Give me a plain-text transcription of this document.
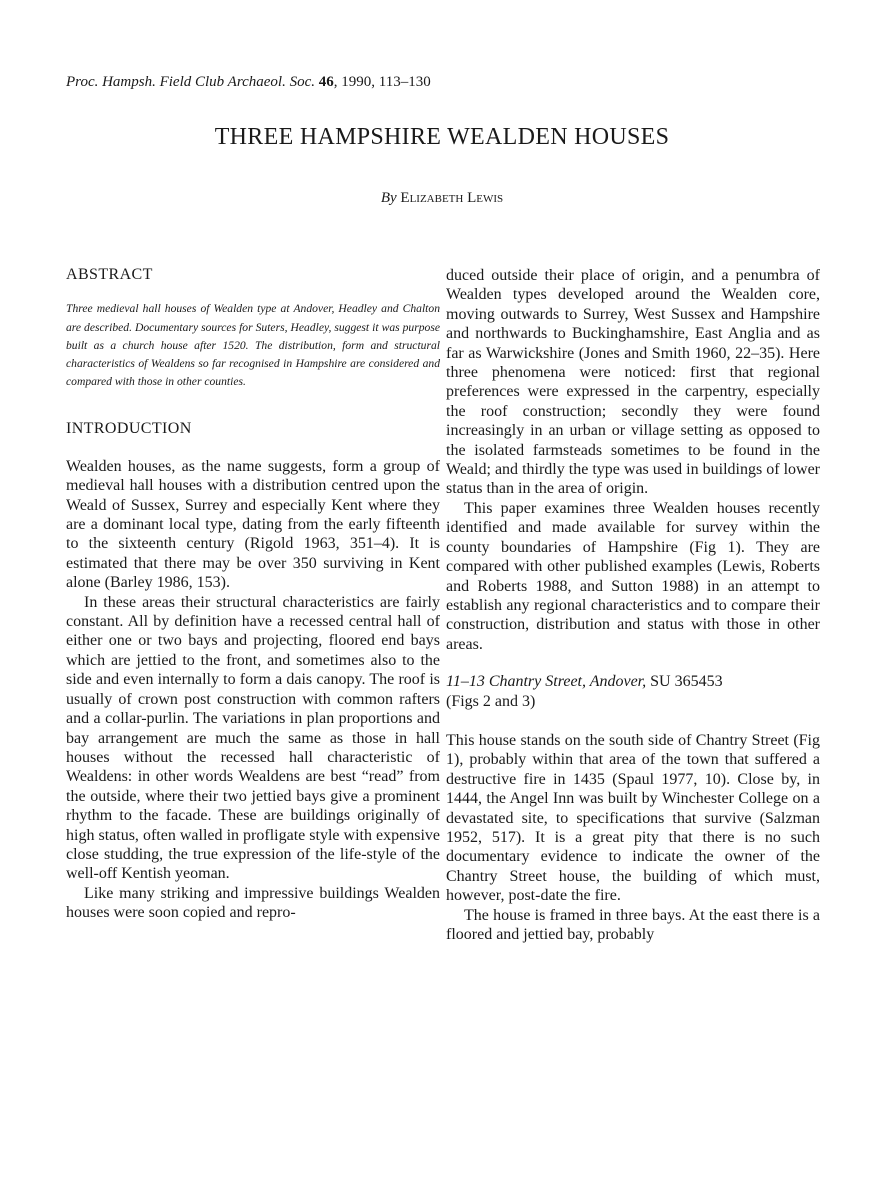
Proc. Hampsh. Field Club Archaeol. Soc. 46, 1990, 113–130
THREE HAMPSHIRE WEALDEN HOUSES
By Elizabeth Lewis
ABSTRACT

Three medieval hall houses of Wealden type at Andover, Headley and Chalton are described. Documentary sources for Suters, Headley, suggest it was purpose built as a church house after 1520. The distribution, form and structural characteristics of Wealdens so far recognised in Hampshire are considered and compared with those in other counties.

INTRODUCTION

Wealden houses, as the name suggests, form a group of medieval hall houses with a distribution centred upon the Weald of Sussex, Surrey and especially Kent where they are a dominant local type, dating from the early fifteenth to the sixteenth century (Rigold 1963, 351–4). It is estimated that there may be over 350 surviving in Kent alone (Barley 1986, 153).

In these areas their structural characteristics are fairly constant. All by definition have a recessed central hall of either one or two bays and projecting, floored end bays which are jettied to the front, and sometimes also to the side and even internally to form a dais canopy. The roof is usually of crown post construction with common rafters and a collar-purlin. The variations in plan proportions and bay arrangement are much the same as those in hall houses without the recessed hall characteristic of Wealdens: in other words Wealdens are best “read” from the outside, where their two jettied bays give a prominent rhythm to the facade. These are buildings originally of high status, often walled in profligate style with expensive close studding, the true expression of the life-style of the well-off Kentish yeoman.

Like many striking and impressive buildings Wealden houses were soon copied and repro-

duced outside their place of origin, and a penumbra of Wealden types developed around the Wealden core, moving outwards to Surrey, West Sussex and Hampshire and northwards to Buckinghamshire, East Anglia and as far as Warwickshire (Jones and Smith 1960, 22–35). Here three phenomena were noticed: first that regional preferences were expressed in the carpentry, especially the roof construction; secondly they were found increasingly in an urban or village setting as opposed to the isolated farmsteads sometimes to be found in the Weald; and thirdly the type was used in buildings of lower status than in the area of origin.

This paper examines three Wealden houses recently identified and made available for survey within the county boundaries of Hampshire (Fig 1). They are compared with other published examples (Lewis, Roberts and Roberts 1988, and Sutton 1988) in an attempt to establish any regional characteristics and to compare their construction, distribution and status with those in other areas.

11–13 Chantry Street, Andover, SU 365453

(Figs 2 and 3)

This house stands on the south side of Chantry Street (Fig 1), probably within that area of the town that suffered a destructive fire in 1435 (Spaul 1977, 10). Close by, in 1444, the Angel Inn was built by Winchester College on a devastated site, to specifications that survive (Salzman 1952, 517). It is a great pity that there is no such documentary evidence to indicate the owner of the Chantry Street house, the building of which must, however, post-date the fire.

The house is framed in three bays. At the east there is a floored and jettied bay, probably
